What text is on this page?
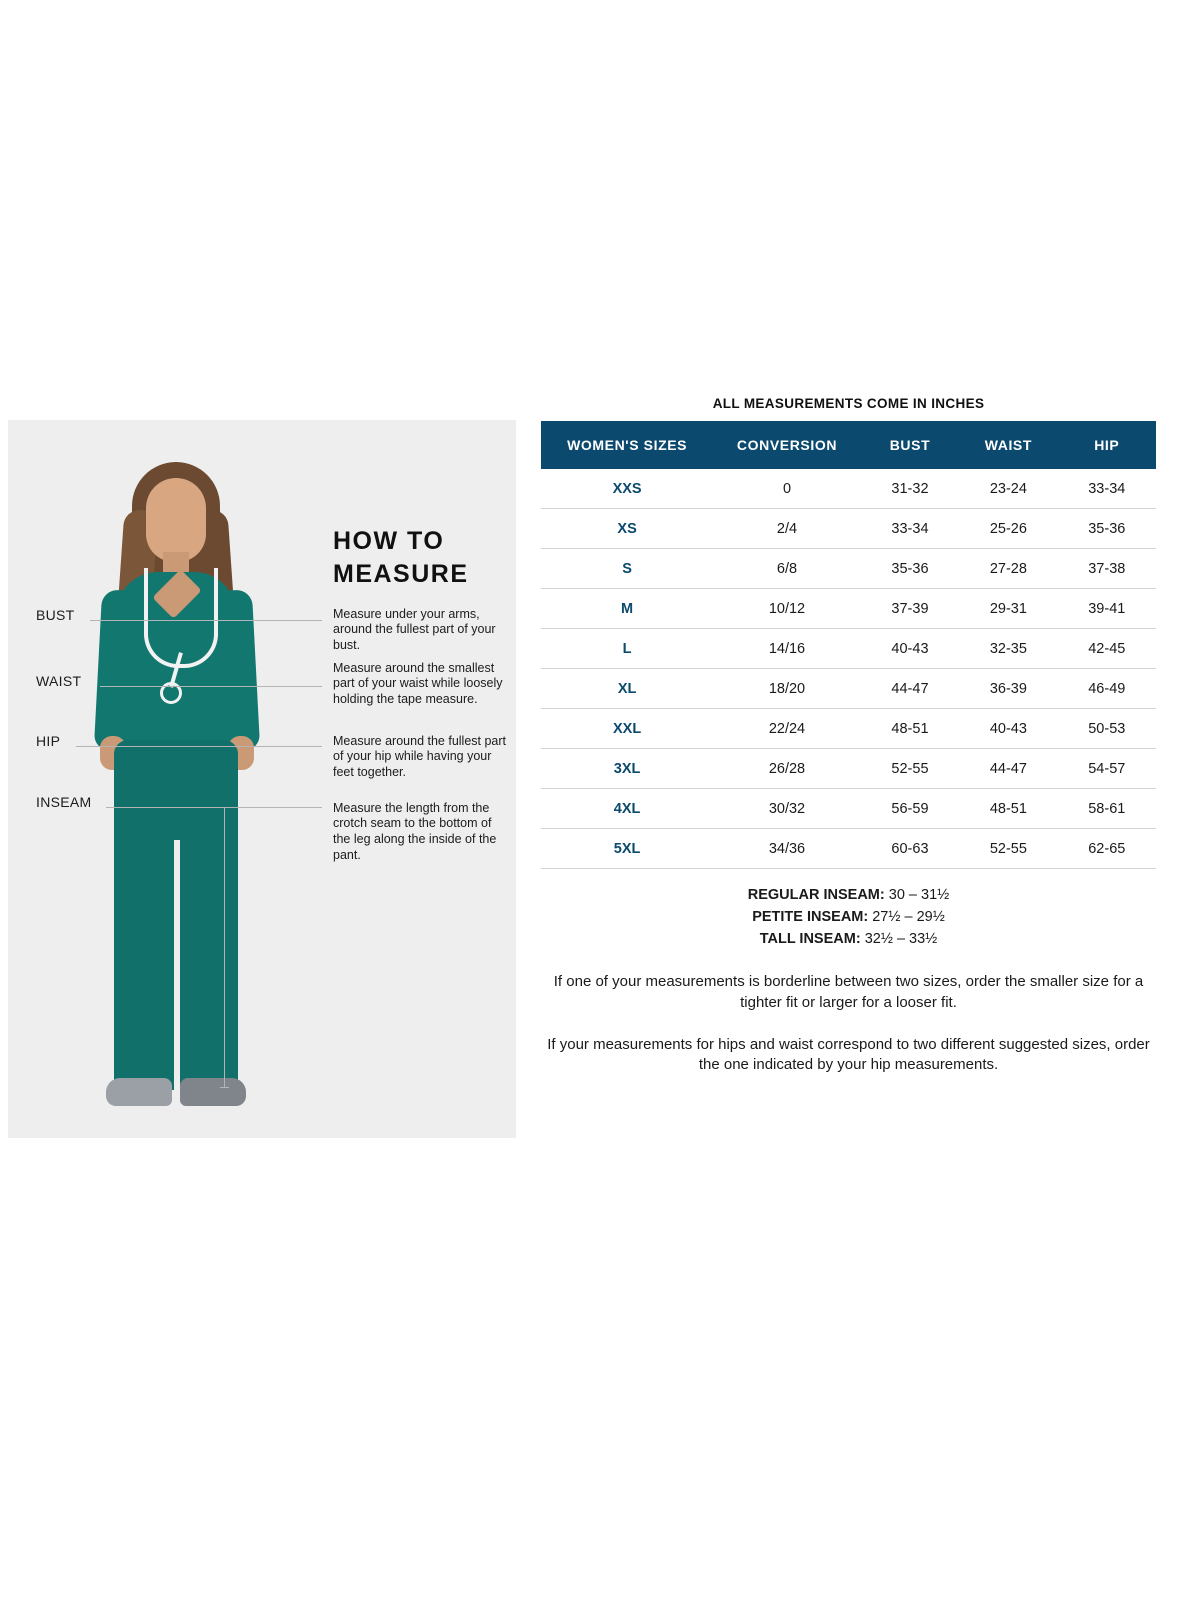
BUST
WAIST
HIP
INSEAM
HOW TO
MEASURE

Measure under your arms, around the fullest part of your bust.

Measure around the smallest part of your waist while loosely holding the tape measure.

Measure around the fullest part of your hip while having your feet together.

Measure the length from the crotch seam to the bottom of the leg along the inside of the pant.

ALL MEASUREMENTS COME IN INCHES
WOMEN'S SIZES	CONVERSION	BUST	WAIST	HIP
XXS	0	31-32	23-24	33-34
XS	2/4	33-34	25-26	35-36
S	6/8	35-36	27-28	37-38
M	10/12	37-39	29-31	39-41
L	14/16	40-43	32-35	42-45
XL	18/20	44-47	36-39	46-49
XXL	22/24	48-51	40-43	50-53
3XL	26/28	52-55	44-47	54-57
4XL	30/32	56-59	48-51	58-61
5XL	34/36	60-63	52-55	62-65
REGULAR INSEAM: 30 – 31½
PETITE INSEAM: 27½ – 29½
TALL INSEAM: 32½ – 33½

If one of your measurements is borderline between two sizes, order the smaller size for a tighter fit or larger for a looser fit.

If your measurements for hips and waist correspond to two different suggested sizes, order the one indicated by your hip measurements.
